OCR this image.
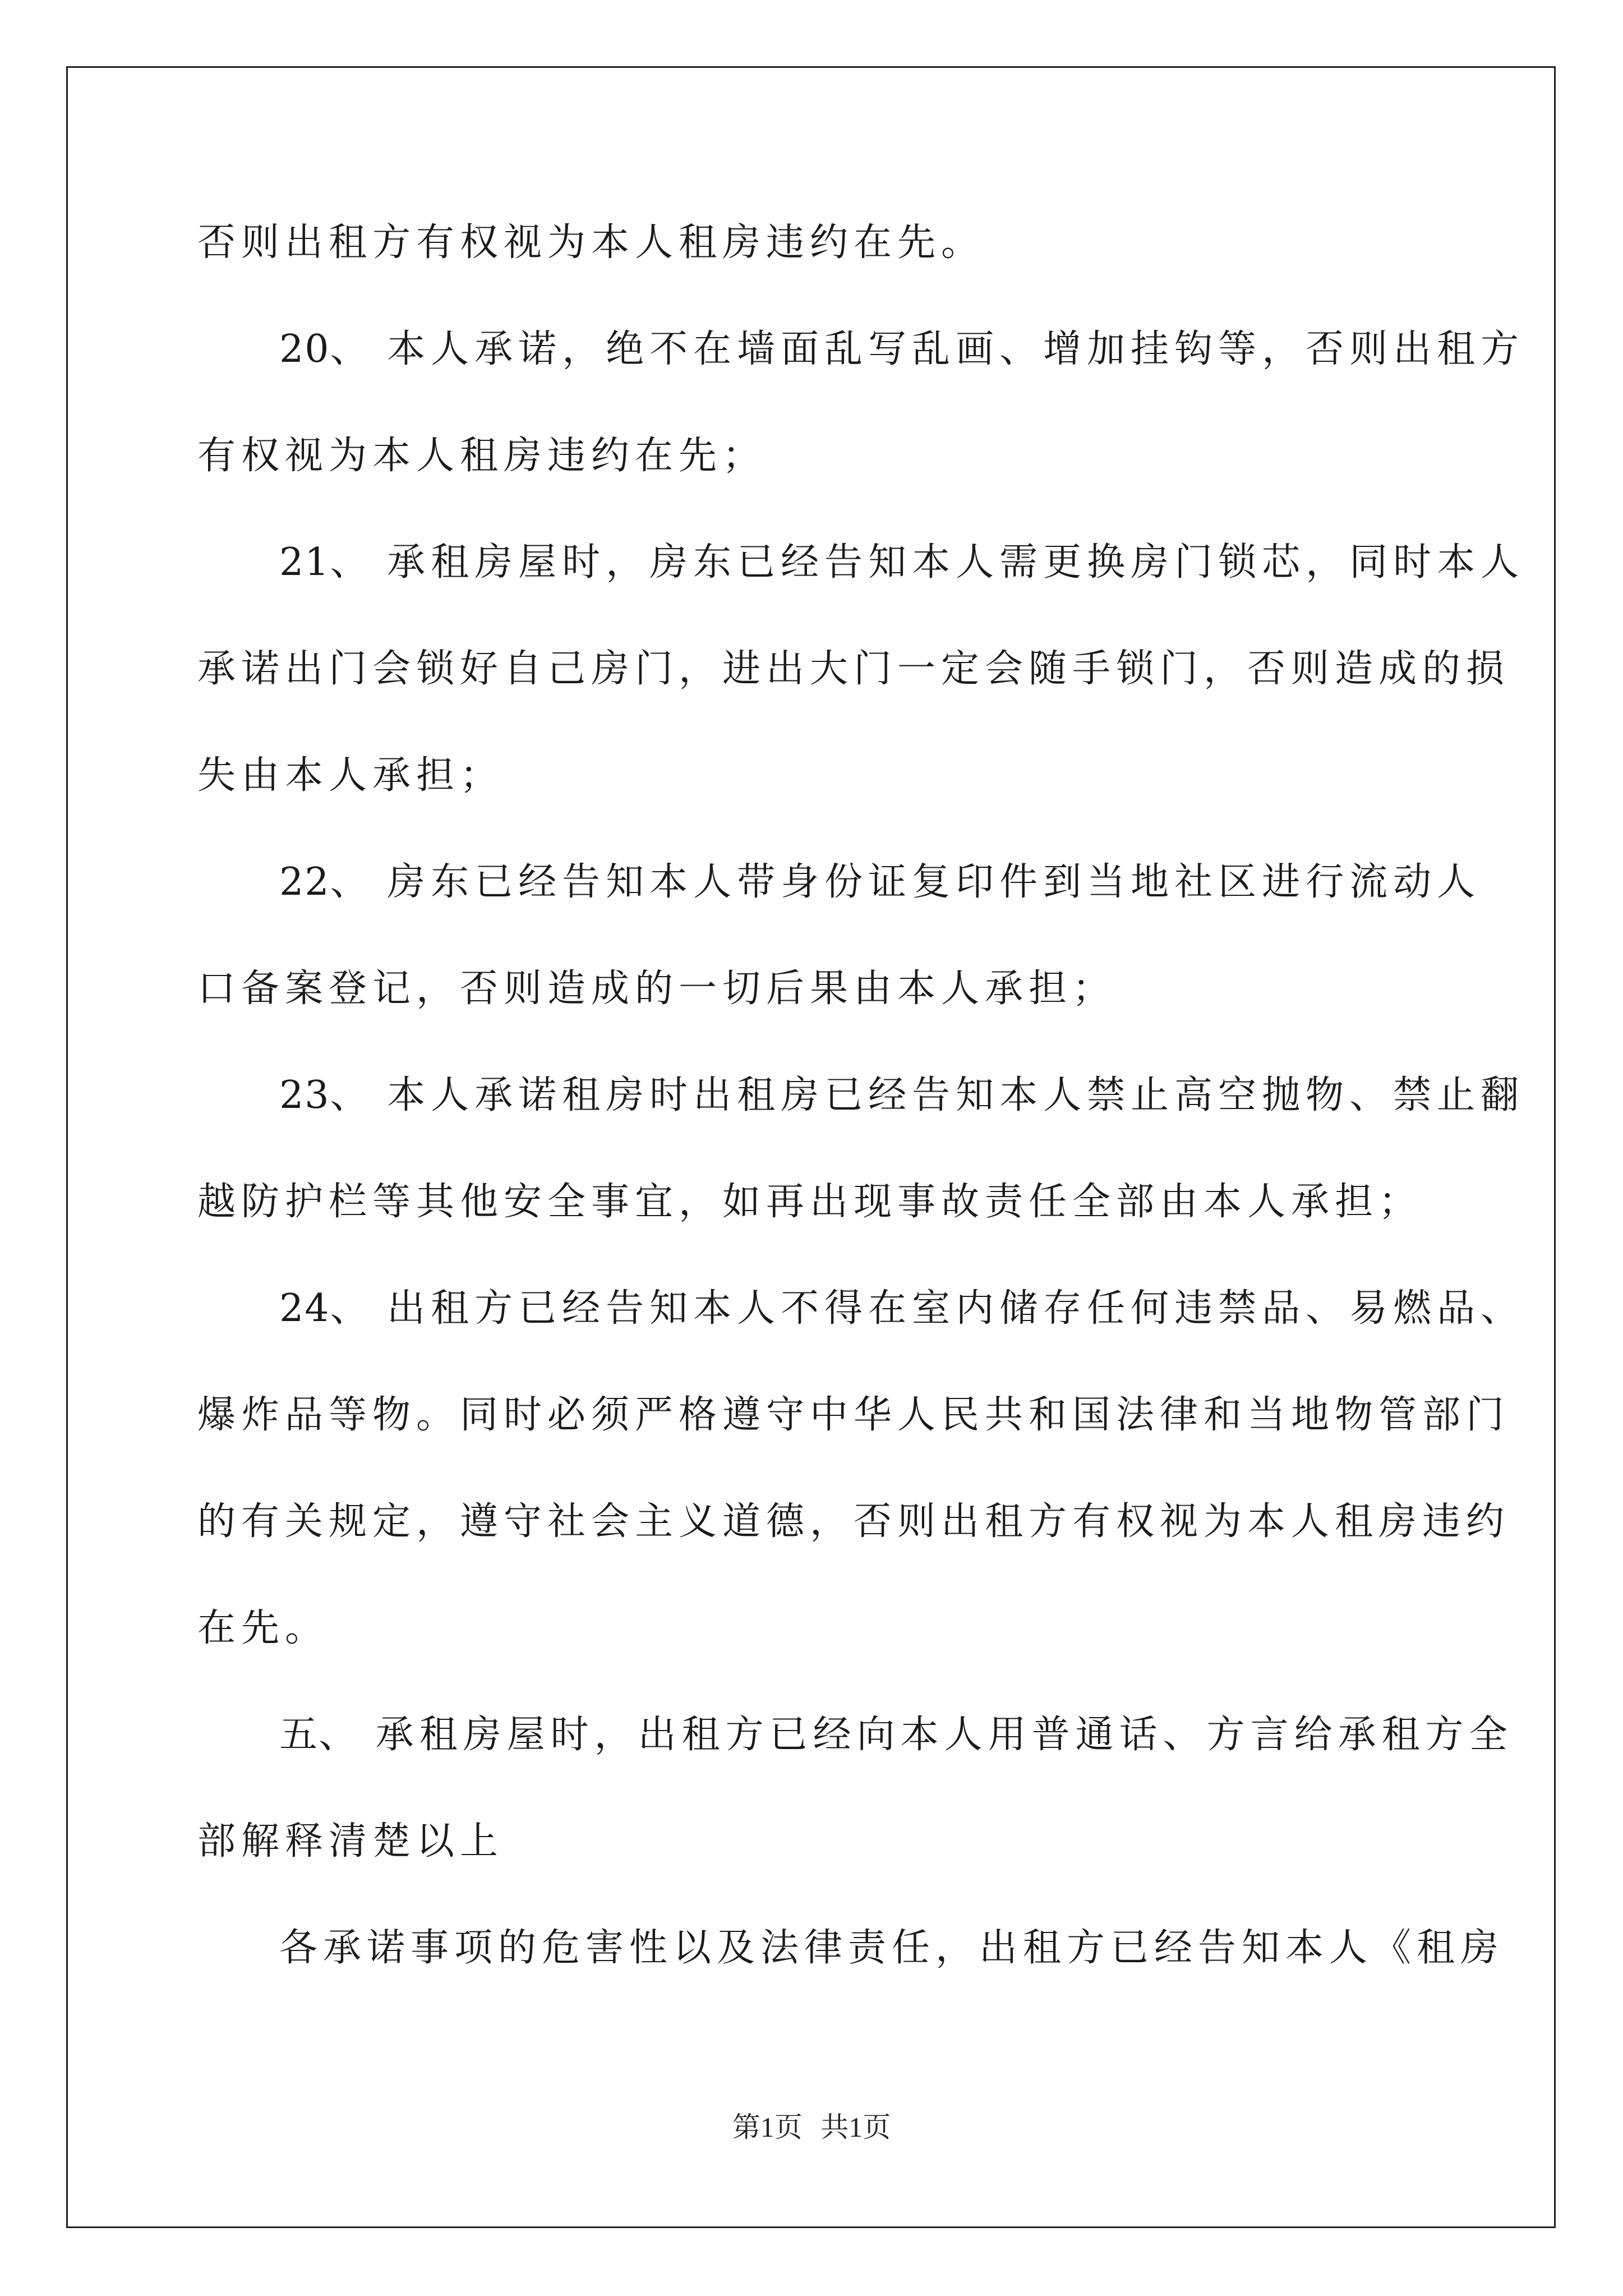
否则出租方有权视为本人租房违约在先。
20、 本人承诺，绝不在墙面乱写乱画、增加挂钩等，否则出租方
有权视为本人租房违约在先；
21、 承租房屋时，房东已经告知本人需更换房门锁芯，同时本人
承诺出门会锁好自己房门，进出大门一定会随手锁门，否则造成的损
失由本人承担；
22、 房东已经告知本人带身份证复印件到当地社区进行流动人
口备案登记，否则造成的一切后果由本人承担；
23、 本人承诺租房时出租房已经告知本人禁止高空抛物、禁止翻
越防护栏等其他安全事宜，如再出现事故责任全部由本人承担；
24、 出租方已经告知本人不得在室内储存任何违禁品、易燃品、
爆炸品等物。同时必须严格遵守中华人民共和国法律和当地物管部门
的有关规定，遵守社会主义道德，否则出租方有权视为本人租房违约
在先。
五、 承租房屋时，出租方已经向本人用普通话、方言给承租方全
部解释清楚以上
各承诺事项的危害性以及法律责任，出租方已经告知本人《租房
第1页 共1页
